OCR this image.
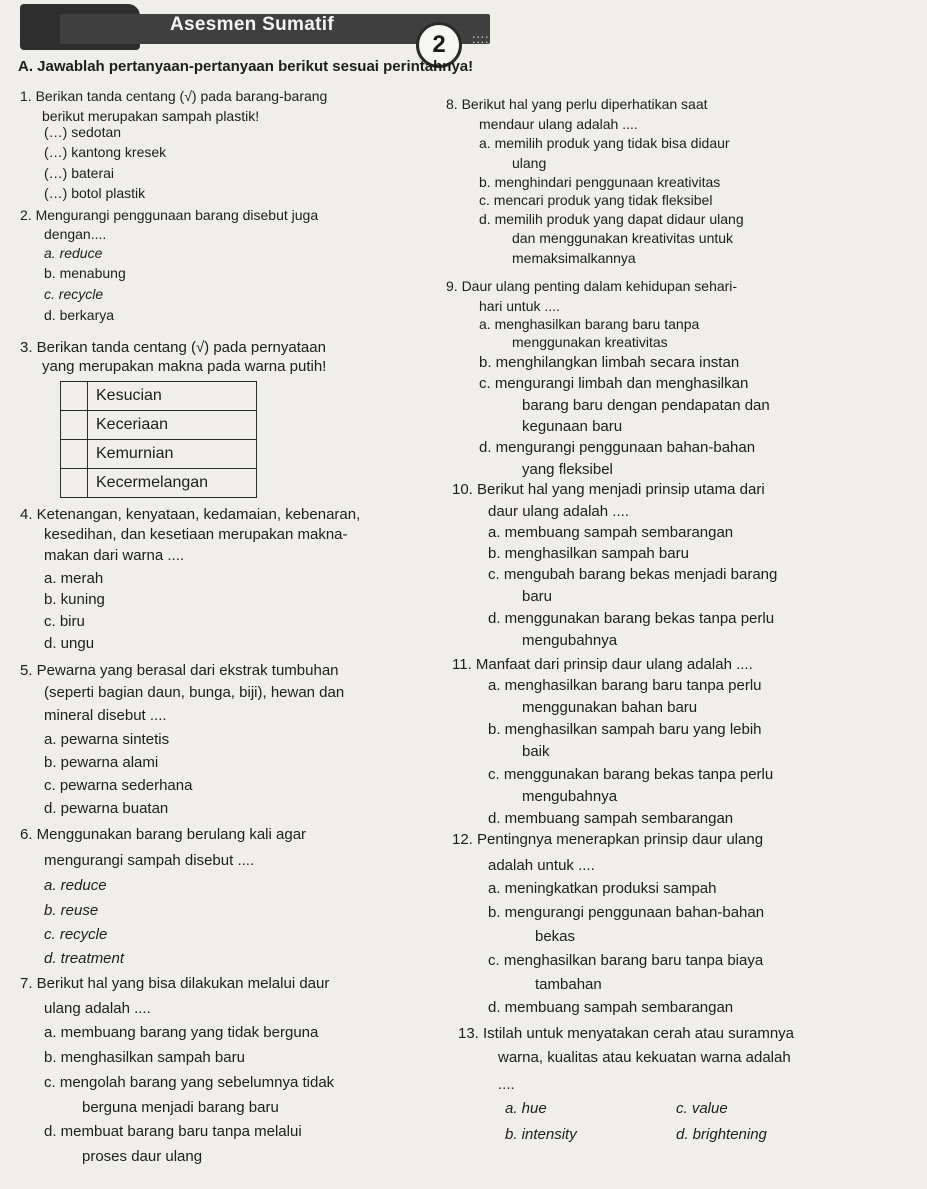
Asesmen Sumatif
2	::::
A. Jawablah pertanyaan-pertanyaan berikut sesuai perintahnya!
1. Berikan tanda centang (√) pada barang-barang
berikut merupakan sampah plastik!
(…) sedotan
(…) kantong kresek
(…) baterai
(…) botol plastik
2. Mengurangi penggunaan barang disebut juga
dengan....
a. reduce
b. menabung
c. recycle
d. berkarya
3. Berikan tanda centang (√) pada pernyataan
yang merupakan makna pada warna putih!
4. Ketenangan, kenyataan, kedamaian, kebenaran,
kesedihan, dan kesetiaan merupakan makna-
makan dari warna ....
a. merah
b. kuning
c. biru
d. ungu
5. Pewarna yang berasal dari ekstrak tumbuhan
(seperti bagian daun, bunga, biji), hewan dan
mineral disebut ....
a. pewarna sintetis
b. pewarna alami
c. pewarna sederhana
d. pewarna buatan
6. Menggunakan barang berulang kali agar
mengurangi sampah disebut ....
a. reduce
b. reuse
c. recycle
d. treatment
7. Berikut hal yang bisa dilakukan melalui daur
ulang adalah ....
a. membuang barang yang tidak berguna
b. menghasilkan sampah baru
c. mengolah barang yang sebelumnya tidak
berguna menjadi barang baru
d. membuat barang baru tanpa melalui
proses daur ulang
	Kesucian
	Keceriaan
	Kemurnian
	Kecermelangan
8. Berikut hal yang perlu diperhatikan saat
mendaur ulang adalah ....
a. memilih produk yang tidak bisa didaur
ulang
b. menghindari penggunaan kreativitas
c. mencari produk yang tidak fleksibel
d. memilih produk yang dapat didaur ulang
dan menggunakan kreativitas untuk
memaksimalkannya
9. Daur ulang penting dalam kehidupan sehari-
hari untuk ....
a. menghasilkan barang baru tanpa
menggunakan kreativitas
b. menghilangkan limbah secara instan
c. mengurangi limbah dan menghasilkan
barang baru dengan pendapatan dan
kegunaan baru
d. mengurangi penggunaan bahan-bahan
yang fleksibel
10. Berikut hal yang menjadi prinsip utama dari
daur ulang adalah ....
a. membuang sampah sembarangan
b. menghasilkan sampah baru
c. mengubah barang bekas menjadi barang
baru
d. menggunakan barang bekas tanpa perlu
mengubahnya
11. Manfaat dari prinsip daur ulang adalah ....
a. menghasilkan barang baru tanpa perlu
menggunakan bahan baru
b. menghasilkan sampah baru yang lebih
baik
c. menggunakan barang bekas tanpa perlu
mengubahnya
d. membuang sampah sembarangan
12. Pentingnya menerapkan prinsip daur ulang
adalah untuk ....
a. meningkatkan produksi sampah
b. mengurangi penggunaan bahan-bahan
bekas
c. menghasilkan barang baru tanpa biaya
tambahan
d. membuang sampah sembarangan
13. Istilah untuk menyatakan cerah atau suramnya
warna, kualitas atau kekuatan warna adalah
....
a. hue	c. value
b. intensity	d. brightening
